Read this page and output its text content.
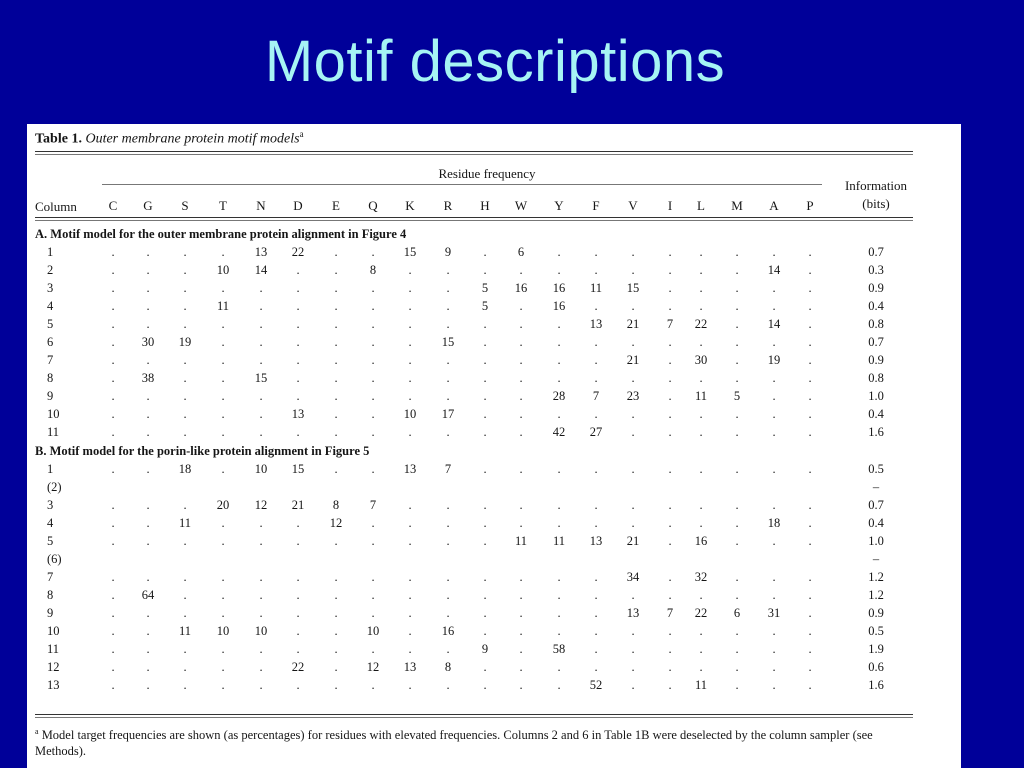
Motif descriptions
Table 1. Outer membrane protein motif models$^a$
Residue frequency
Information
(bits)
Column C G S T N D E Q K R H W Y F V I L M A P
A. Motif model for the outer membrane protein alignment in Figure 4
1	.	.	.	. 13 22 .	. 15 9	.	6	.	.	.	. .	.	.	.	0.7
2	.	.	. 10 14 .	.	8	.	.	.	.	.	.	.	. .	. 14 .	0.3
3	.	.	.	.	.	.	.	.	.	.	5 16 16 11 15 . .	.	.	.	0.9
4	.	.	. 11 .	.	.	.	.	.	5	. 16 .	.	. .	.	.	.	0.4
5	.	.	.	.	.	.	.	.	.	.	.	.	. 13 21 7 22 . 14 .	0.8
6	. 30 19 .	.	.	.	.	. 15 .	.	.	.	.	. .	.	.	.	0.7
7	.	.	.	.	.	.	.	.	.	.	.	.	.	. 21 . 30 . 19 .	0.9
8	. 38 .	. 15 .	.	.	.	.	.	.	.	.	.	. .	.	.	.	0.8
9	.	.	.	.	.	.	.	.	.	.	.	. 28 7 23 . 11 5	.	.	1.0
10	.	.	.	.	. 13 .	. 10 17 .	.	.	.	.	. .	.	.	.	0.4
11	.	.	.	.	.	.	.	.	.	.	.	. 42 27 .	. .	.	.	.	1.6
B. Motif model for the porin-like protein alignment in Figure 5
1	.	. 18 . 10 15 .	. 13 7	.	.	.	.	.	. .	.	.	.	0.5
(2)	–
3	.	.	. 20 12 21 8 7	.	.	.	.	.	.	.	. .	.	.	.	0.7
4	.	. 11 .	.	. 12 .	.	.	.	.	.	.	.	. .	. 18 .	0.4
5	.	.	.	.	.	.	.	.	.	.	. 11 11 13 21 . 16 .	.	.	1.0
(6)	–
7	.	.	.	.	.	.	.	.	.	.	.	.	.	. 34 . 32 .	.	.	1.2
8	. 64 .	.	.	.	.	.	.	.	.	.	.	.	.	. .	.	.	.	1.2
9	.	.	.	.	.	.	.	.	.	.	.	.	.	. 13 7 22 6 31 .	0.9
10	.	. 11 10 10 .	. 10 . 16 .	.	.	.	.	. .	.	.	.	0.5
11	.	.	.	.	.	.	.	.	.	.	9	. 58 .	.	. .	.	.	.	1.9
12	.	.	.	.	. 22 . 12 13 8	.	.	.	.	.	. .	.	.	.	0.6
13	.	.	.	.	.	.	.	.	.	.	.	.	. 52 .	. 11 .	.	.	1.6
$^a$ Model target frequencies are shown (as percentages) for residues with elevated frequencies. Columns 2 and 6 in Table 1B were deselected by the column sampler (see Methods).
